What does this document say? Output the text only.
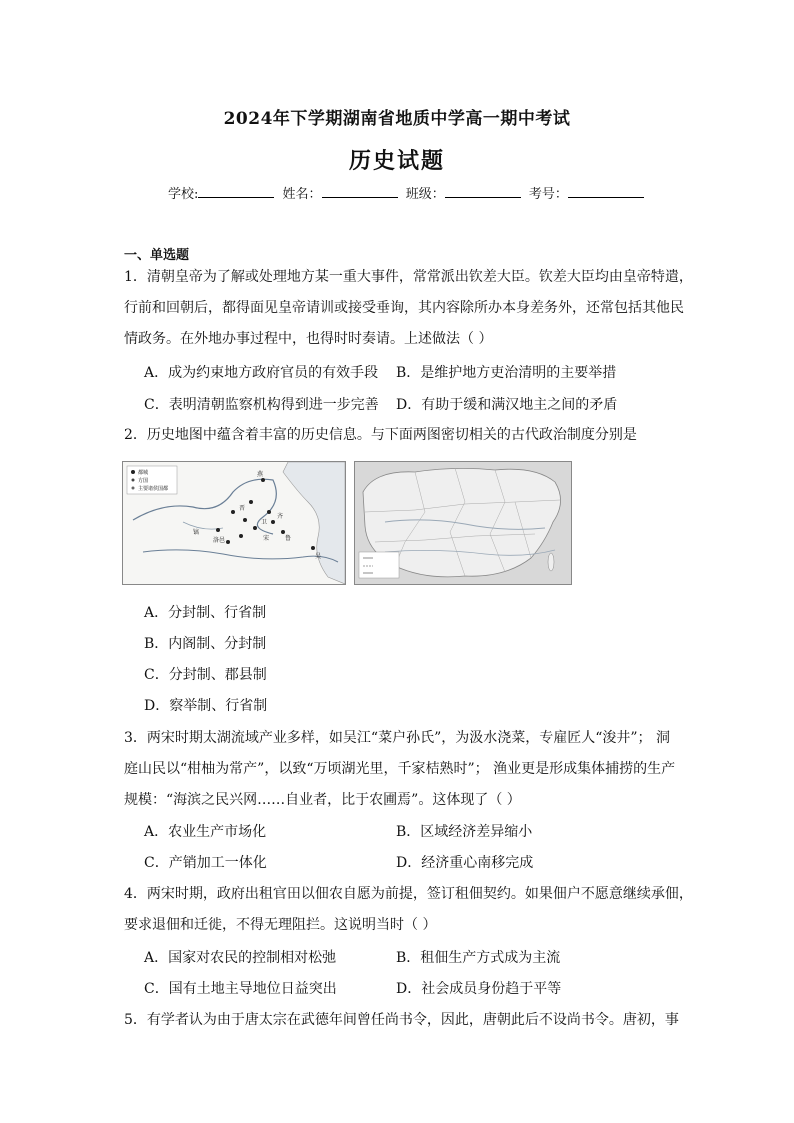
2024年下学期湖南省地质中学高一期中考试
历史试题
学校:	姓名：	班级：	考号：
一、单选题
1．清朝皇帝为了解或处理地方某一重大事件，常常派出钦差大臣。钦差大臣均由皇帝特遣，
行前和回朝后，都得面见皇帝请训或接受垂询，其内容除所办本身差务外，还常包括其他民
情政务。在外地办事过程中，也得时时奏请。上述做法（ ）
A．成为约束地方政府官员的有效手段 B．是维护地方吏治清明的主要举措
C．表明清朝监察机构得到进一步完善 D．有助于缓和满汉地主之间的矛盾
2．历史地图中蕴含着丰富的历史信息。与下面两图密切相关的古代政治制度分别是
都城
方国
主要诸侯国都
燕
晋
镐
洛邑
卫
齐
鲁
宋
吴
A．分封制、行省制
B．内阁制、分封制
C．分封制、郡县制
D．察举制、行省制
3．两宋时期太湖流域产业多样，如吴江“菜户孙氏”，为汲水浇菜，专雇匠人“浚井”； 洞
庭山民以“柑柚为常产”，以致“万顷湖光里，千家桔熟时”； 渔业更是形成集体捕捞的生产
规模：“海滨之民兴网……自业者，比于农圃焉”。这体现了（ ）
A．农业生产市场化	B．区域经济差异缩小
C．产销加工一体化	D．经济重心南移完成
4．两宋时期，政府出租官田以佃农自愿为前提，签订租佃契约。如果佃户不愿意继续承佃，
要求退佃和迁徙，不得无理阻拦。这说明当时（ ）
A．国家对农民的控制相对松弛	B．租佃生产方式成为主流
C．国有土地主导地位日益突出	D．社会成员身份趋于平等
5．有学者认为由于唐太宗在武德年间曾任尚书令，因此，唐朝此后不设尚书令。唐初，事
